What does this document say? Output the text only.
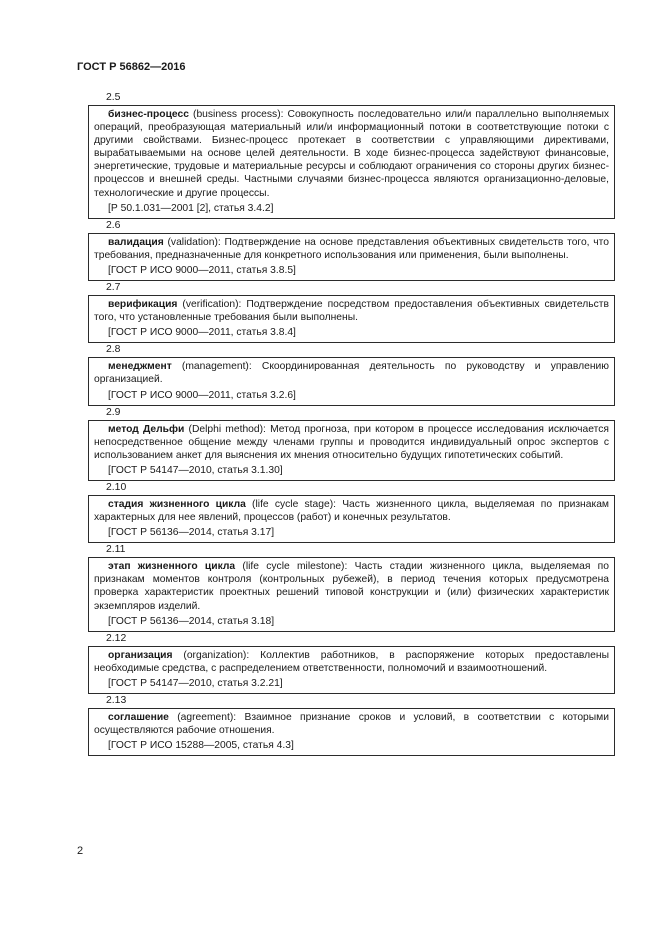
ГОСТ Р 56862—2016
2.5

бизнес-процесс (business process): Совокупность последовательно или/и параллельно выполняемых операций, преобразующая материальный или/и информационный потоки в соответствующие потоки с другими свойствами. Бизнес-процесс протекает в соответствии с управляющими директивами, вырабатываемыми на основе целей деятельности. В ходе бизнес-процесса задействуют финансовые, энергетические, трудовые и материальные ресурсы и соблюдают ограничения со стороны других бизнес-процессов и внешней среды. Частными случаями бизнес-процесса являются организационно-деловые, технологические и другие процессы.

[Р 50.1.031—2001 [2], статья 3.4.2]

2.6

валидация (validation): Подтверждение на основе представления объективных свидетельств того, что требования, предназначенные для конкретного использования или применения, были выполнены.

[ГОСТ Р ИСО 9000—2011, статья 3.8.5]

2.7

верификация (verification): Подтверждение посредством предоставления объективных свидетельств того, что установленные требования были выполнены.

[ГОСТ Р ИСО 9000—2011, статья 3.8.4]

2.8

менеджмент (management): Скоординированная деятельность по руководству и управлению организацией.

[ГОСТ Р ИСО 9000—2011, статья 3.2.6]

2.9

метод Дельфи (Delphi method): Метод прогноза, при котором в процессе исследования исключается непосредственное общение между членами группы и проводится индивидуальный опрос экспертов с использованием анкет для выяснения их мнения относительно будущих гипотетических событий.

[ГОСТ Р 54147—2010, статья 3.1.30]

2.10

стадия жизненного цикла (life cycle stage): Часть жизненного цикла, выделяемая по признакам характерных для нее явлений, процессов (работ) и конечных результатов.

[ГОСТ Р 56136—2014, статья 3.17]

2.11

этап жизненного цикла (life cycle milestone): Часть стадии жизненного цикла, выделяемая по признакам моментов контроля (контрольных рубежей), в период течения которых предусмотрена проверка характеристик проектных решений типовой конструкции и (или) физических характеристик экземпляров изделий.

[ГОСТ Р 56136—2014, статья 3.18]

2.12

организация (organization): Коллектив работников, в распоряжение которых предоставлены необходимые средства, с распределением ответственности, полномочий и взаимоотношений.

[ГОСТ Р 54147—2010, статья 3.2.21]

2.13

соглашение (agreement): Взаимное признание сроков и условий, в соответствии с которыми осуществляются рабочие отношения.

[ГОСТ Р ИСО 15288—2005, статья 4.3]

2
